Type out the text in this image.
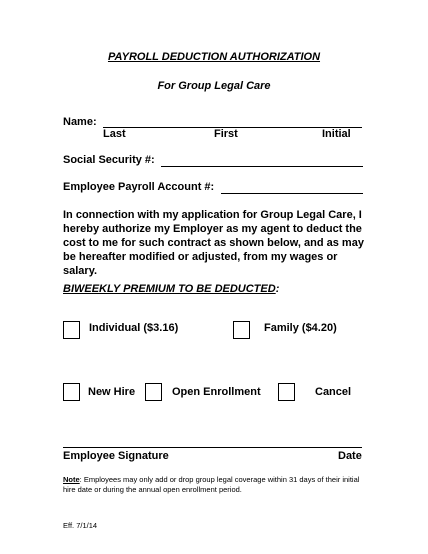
PAYROLL DEDUCTION AUTHORIZATION
For Group Legal Care
Name:
Last	First	Initial
Social Security #:
Employee Payroll Account #:
In connection with my application for Group Legal Care, I hereby authorize my Employer as my agent to deduct the cost to me for such contract as shown below, and as may be hereafter modified or adjusted, from my wages or salary.
BIWEEKLY PREMIUM TO BE DEDUCTED:
Individual ($3.16)	Family ($4.20)
New Hire	Open Enrollment	Cancel
Employee Signature	Date
Note: Employees may only add or drop group legal coverage within 31 days of their initial hire date or during the annual open enrollment period.
Eff. 7/1/14
